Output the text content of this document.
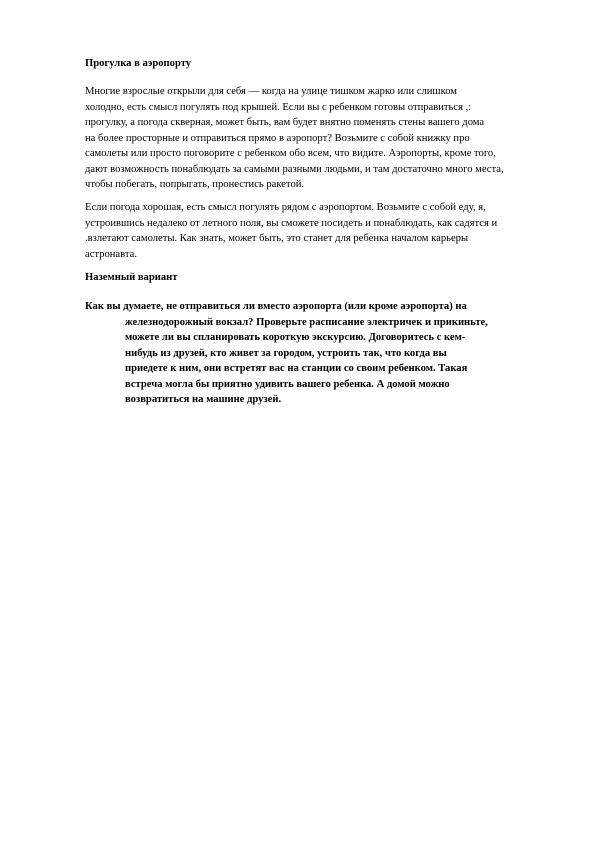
Прогулка в аэропорту
Многие взрослые открыли для себя — когда на улице тишком жарко или слишком
холодно, есть смысл погулять под крышей. Если вы с ребенком готовы отправиться ,:
прогулку, а погода скверная, может быть, вам будет внятно поменять стены вашего дома
на более просторные и отправиться прямо в аэропорт? Возьмите с собой книжку про
самолеты или просто поговорите с ребенком обо всем, что видите. Аэропорты, кроме того,
дают возможность понаблюдать за самыми разными людьми, и там достаточно много места,
чтобы побегать, попрыгать, пронестись ракетой.
Если погода хорошая, есть смысл погулять рядом с аэропортом. Возьмите с собой еду, я,
устроившись недалеко от летного поля, вы сможете посидеть и понаблюдать, как садятся и
.взлетают самолеты. Как знать, может быть, это станет для ребенка началом карьеры
астронавта.
Наземный вариант
Как вы думаете, не отправиться ли вместо аэропорта (или кроме аэропорта) на
железнодорожный вокзал? Проверьте расписание электричек и прикиньте,
можете ли вы спланировать короткую экскурсию. Договоритесь с кем-
нибудь из друзей, кто живет за городом, устроить так, что когда вы
приедете к ним, они встретят вас на станции со своим ребенком. Такая
встреча могла бы приятно удивить вашего ребенка. А домой можно
возвратиться на машине друзей.
